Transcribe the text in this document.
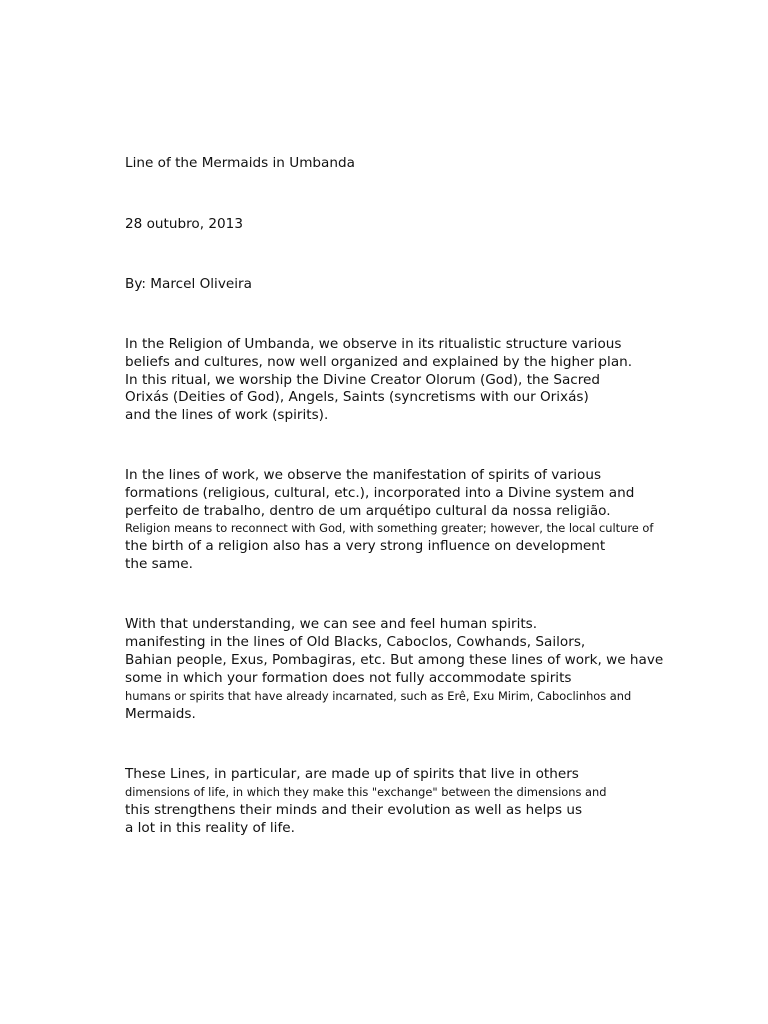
Line of the Mermaids in Umbanda
28 outubro, 2013
By: Marcel Oliveira
In the Religion of Umbanda, we observe in its ritualistic structure various
beliefs and cultures, now well organized and explained by the higher plan.
In this ritual, we worship the Divine Creator Olorum (God), the Sacred
Orixás (Deities of God), Angels, Saints (syncretisms with our Orixás)
and the lines of work (spirits).
In the lines of work, we observe the manifestation of spirits of various
formations (religious, cultural, etc.), incorporated into a Divine system and
perfeito de trabalho, dentro de um arquétipo cultural da nossa religião.
Religion means to reconnect with God, with something greater; however, the local culture of
the birth of a religion also has a very strong influence on development
the same.
With that understanding, we can see and feel human spirits.
manifesting in the lines of Old Blacks, Caboclos, Cowhands, Sailors,
Bahian people, Exus, Pombagiras, etc. But among these lines of work, we have
some in which your formation does not fully accommodate spirits
humans or spirits that have already incarnated, such as Erê, Exu Mirim, Caboclinhos and
Mermaids.
These Lines, in particular, are made up of spirits that live in others
dimensions of life, in which they make this "exchange" between the dimensions and
this strengthens their minds and their evolution as well as helps us
a lot in this reality of life.
